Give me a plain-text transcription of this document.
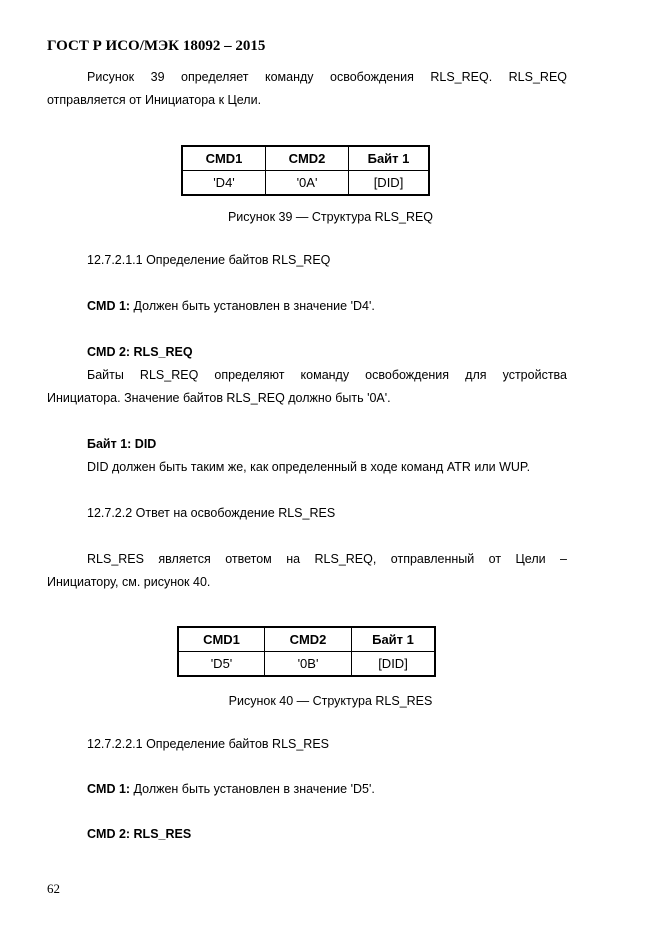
ГОСТ Р ИСО/МЭК 18092 – 2015
Рисунок 39 определяет команду освобождения RLS_REQ. RLS_REQ
отправляется от Инициатора к Цели.
CMD1	CMD2	Байт 1
'D4'	'0A'	[DID]
Рисунок 39 — Структура RLS_REQ
12.7.2.1.1 Определение байтов RLS_REQ
CMD 1: Должен быть установлен в значение 'D4'.
CMD 2: RLS_REQ
Байты RLS_REQ определяют команду освобождения для устройства
Инициатора. Значение байтов RLS_REQ должно быть '0A'.
Байт 1: DID
DID должен быть таким же, как определенный в ходе команд ATR или WUP.
12.7.2.2 Ответ на освобождение RLS_RES
RLS_RES является ответом на RLS_REQ, отправленный от Цели –
Инициатору, см. рисунок 40.
CMD1	CMD2	Байт 1
'D5'	'0B'	[DID]
Рисунок 40 — Структура RLS_RES
12.7.2.2.1 Определение байтов RLS_RES
CMD 1: Должен быть установлен в значение 'D5'.
CMD 2: RLS_RES
62
